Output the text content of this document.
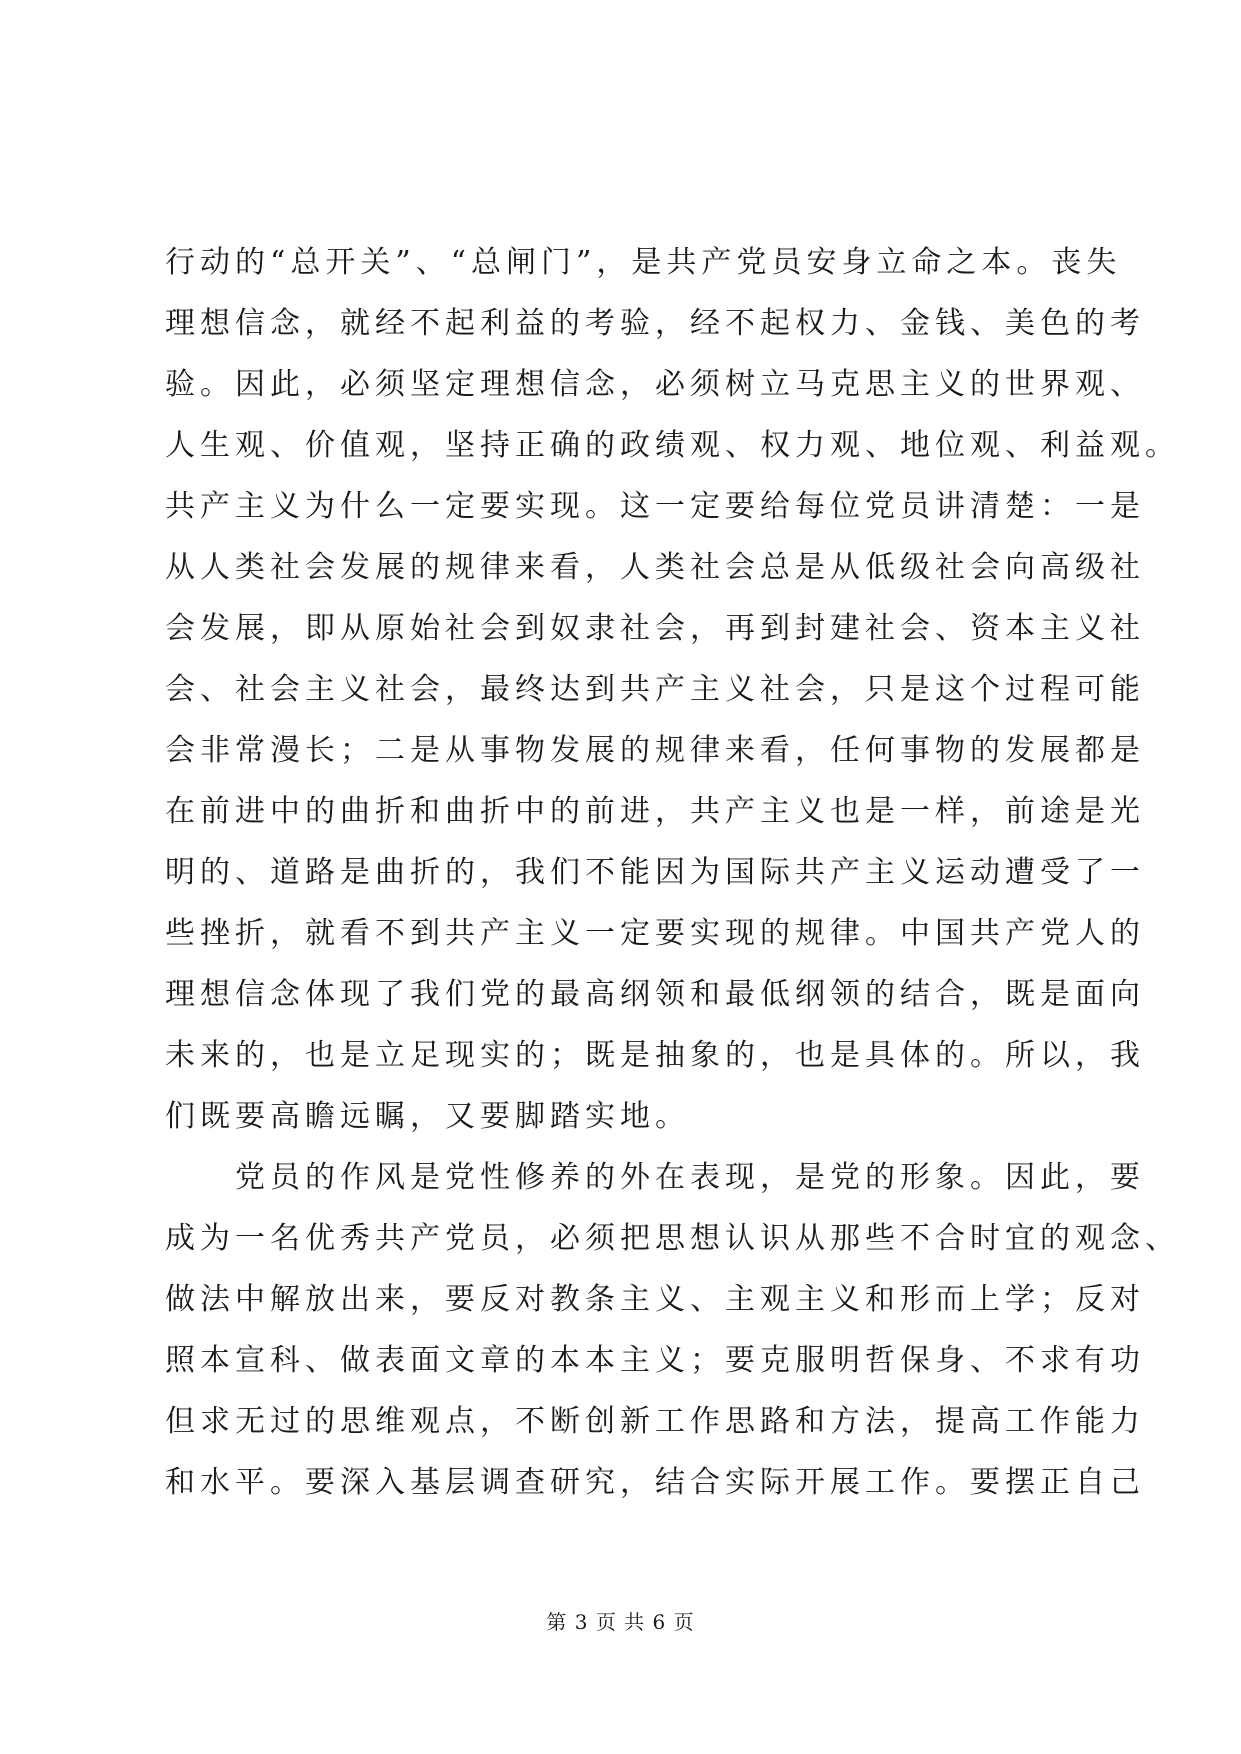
行动的“总开关”、“总闸门”，是共产党员安身立命之本。丧失
理想信念，就经不起利益的考验，经不起权力、金钱、美色的考
验。因此，必须坚定理想信念，必须树立马克思主义的世界观、
人生观、价值观，坚持正确的政绩观、权力观、地位观、利益观。
共产主义为什么一定要实现。这一定要给每位党员讲清楚：一是
从人类社会发展的规律来看，人类社会总是从低级社会向高级社
会发展，即从原始社会到奴隶社会，再到封建社会、资本主义社
会、社会主义社会，最终达到共产主义社会，只是这个过程可能
会非常漫长；二是从事物发展的规律来看，任何事物的发展都是
在前进中的曲折和曲折中的前进，共产主义也是一样，前途是光
明的、道路是曲折的，我们不能因为国际共产主义运动遭受了一
些挫折，就看不到共产主义一定要实现的规律。中国共产党人的
理想信念体现了我们党的最高纲领和最低纲领的结合，既是面向
未来的，也是立足现实的；既是抽象的，也是具体的。所以，我
们既要高瞻远瞩，又要脚踏实地。
　　党员的作风是党性修养的外在表现，是党的形象。因此，要
成为一名优秀共产党员，必须把思想认识从那些不合时宜的观念、
做法中解放出来，要反对教条主义、主观主义和形而上学；反对
照本宣科、做表面文章的本本主义；要克服明哲保身、不求有功
但求无过的思维观点，不断创新工作思路和方法，提高工作能力
和水平。要深入基层调查研究，结合实际开展工作。要摆正自己
第 3 页 共 6 页
